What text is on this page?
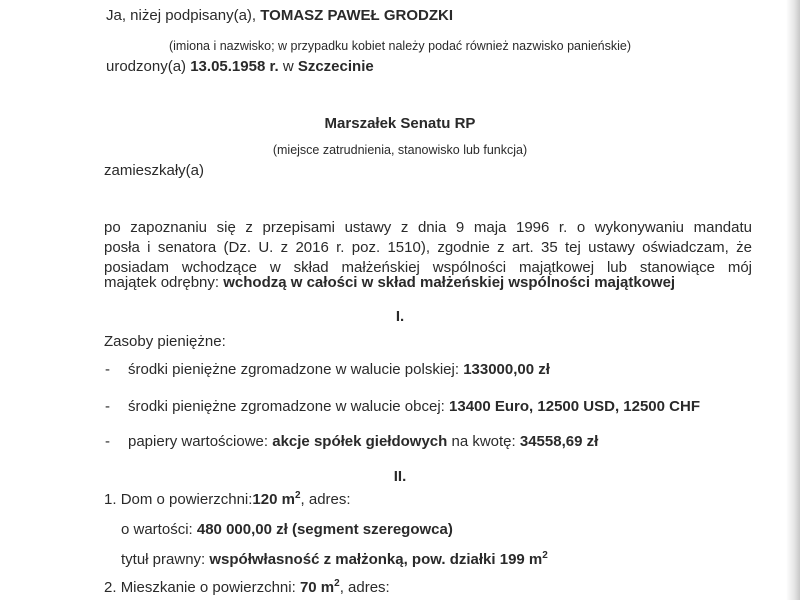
Ja, niżej podpisany(a), TOMASZ PAWEŁ GRODZKI
(imiona i nazwisko; w przypadku kobiet należy podać również nazwisko panieńskie)
urodzony(a) 13.05.1958 r. w Szczecinie
Marszałek Senatu RP
(miejsce zatrudnienia, stanowisko lub funkcja)
zamieszkały(a)
po zapoznaniu się z przepisami ustawy z dnia 9 maja 1996 r. o wykonywaniu mandatu
posła i senatora (Dz. U. z 2016 r. poz. 1510), zgodnie z art. 35 tej ustawy oświadczam, że
posiadam wchodzące w skład małżeńskiej wspólności majątkowej lub stanowiące mój
majątek odrębny: wchodzą w całości w skład małżeńskiej wspólności majątkowej
I.
Zasoby pieniężne:
- środki pieniężne zgromadzone w walucie polskiej: 133000,00 zł
- środki pieniężne zgromadzone w walucie obcej: 13400 Euro, 12500 USD, 12500 CHF
- papiery wartościowe: akcje spółek giełdowych na kwotę: 34558,69 zł
II.
1. Dom o powierzchni:120 $m^2$, adres:
o wartości: 480 000,00 zł (segment szeregowca)
tytuł prawny: współwłasność z małżonką, pow. działki 199 $m^2$
2. Mieszkanie o powierzchni: 70 $m^2$, adres:
